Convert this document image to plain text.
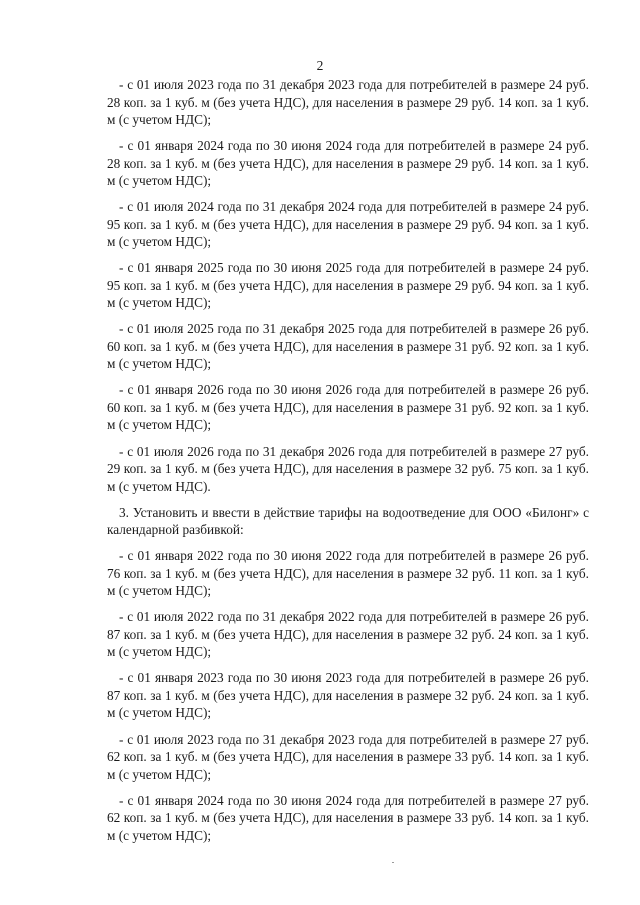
2

- с 01 июля 2023 года по 31 декабря 2023 года для потребителей в размере 24 руб. 28 коп. за 1 куб. м (без учета НДС), для населения в размере 29 руб. 14 коп. за 1 куб. м (с учетом НДС);

- с 01 января 2024 года по 30 июня 2024 года для потребителей в размере 24 руб. 28 коп. за 1 куб. м (без учета НДС), для населения в размере 29 руб. 14 коп. за 1 куб. м (с учетом НДС);

- с 01 июля 2024 года по 31 декабря 2024 года для потребителей в размере 24 руб. 95 коп. за 1 куб. м (без учета НДС), для населения в размере 29 руб. 94 коп. за 1 куб. м (с учетом НДС);

- с 01 января 2025 года по 30 июня 2025 года для потребителей в размере 24 руб. 95 коп. за 1 куб. м (без учета НДС), для населения в размере 29 руб. 94 коп. за 1 куб. м (с учетом НДС);

- с 01 июля 2025 года по 31 декабря 2025 года для потребителей в размере 26 руб. 60 коп. за 1 куб. м (без учета НДС), для населения в размере 31 руб. 92 коп. за 1 куб. м (с учетом НДС);

- с 01 января 2026 года по 30 июня 2026 года для потребителей в размере 26 руб. 60 коп. за 1 куб. м (без учета НДС), для населения в размере 31 руб. 92 коп. за 1 куб. м (с учетом НДС);

- с 01 июля 2026 года по 31 декабря 2026 года для потребителей в размере 27 руб. 29 коп. за 1 куб. м (без учета НДС), для населения в размере 32 руб. 75 коп. за 1 куб. м (с учетом НДС).

3. Установить и ввести в действие тарифы на водоотведение для ООО «Билонг» с календарной разбивкой:

- с 01 января 2022 года по 30 июня 2022 года для потребителей в размере 26 руб. 76 коп. за 1 куб. м (без учета НДС), для населения в размере 32 руб. 11 коп. за 1 куб. м (с учетом НДС);

- с 01 июля 2022 года по 31 декабря 2022 года для потребителей в размере 26 руб. 87 коп. за 1 куб. м (без учета НДС), для населения в размере 32 руб. 24 коп. за 1 куб. м (с учетом НДС);

- с 01 января 2023 года по 30 июня 2023 года для потребителей в размере 26 руб. 87 коп. за 1 куб. м (без учета НДС), для населения в размере 32 руб. 24 коп. за 1 куб. м (с учетом НДС);

- с 01 июля 2023 года по 31 декабря 2023 года для потребителей в размере 27 руб. 62 коп. за 1 куб. м (без учета НДС), для населения в размере 33 руб. 14 коп. за 1 куб. м (с учетом НДС);

- с 01 января 2024 года по 30 июня 2024 года для потребителей в размере 27 руб. 62 коп. за 1 куб. м (без учета НДС), для населения в размере 33 руб. 14 коп. за 1 куб. м (с учетом НДС);
